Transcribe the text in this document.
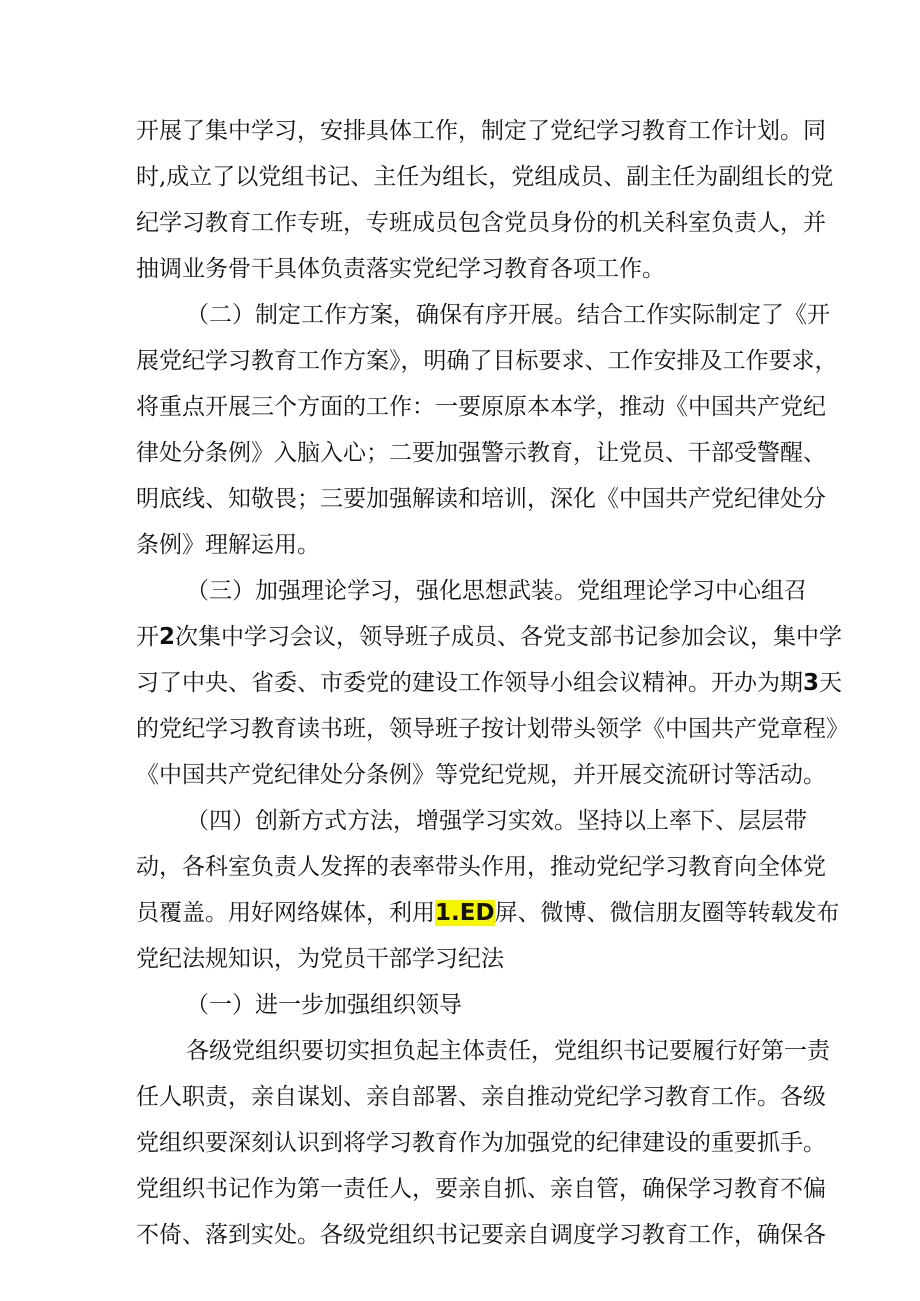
开展了集中学习，安排具体工作，制定了党纪学习教育工作计划。同
时,成立了以党组书记、主任为组长，党组成员、副主任为副组长的党
纪学习教育工作专班，专班成员包含党员身份的机关科室负责人，并
抽调业务骨干具体负责落实党纪学习教育各项工作。
（二）制定工作方案，确保有序开展。结合工作实际制定了《开
展党纪学习教育工作方案》，明确了目标要求、工作安排及工作要求，
将重点开展三个方面的工作：一要原原本本学，推动《中国共产党纪
律处分条例》入脑入心；二要加强警示教育，让党员、干部受警醒、
明底线、知敬畏；三要加强解读和培训，深化《中国共产党纪律处分
条例》理解运用。
（三）加强理论学习，强化思想武装。党组理论学习中心组召
开2次集中学习会议，领导班子成员、各党支部书记参加会议，集中学
习了中央、省委、市委党的建设工作领导小组会议精神。开办为期3天
的党纪学习教育读书班，领导班子按计划带头领学《中国共产党章程》
《中国共产党纪律处分条例》等党纪党规，并开展交流研讨等活动。
（四）创新方式方法，增强学习实效。坚持以上率下、层层带
动，各科室负责人发挥的表率带头作用，推动党纪学习教育向全体党
员覆盖。用好网络媒体，利用1.ED屏、微博、微信朋友圈等转载发布
党纪法规知识，为党员干部学习纪法
（一）进一步加强组织领导
各级党组织要切实担负起主体责任，党组织书记要履行好第一责
任人职责，亲自谋划、亲自部署、亲自推动党纪学习教育工作。各级
党组织要深刻认识到将学习教育作为加强党的纪律建设的重要抓手。
党组织书记作为第一责任人，要亲自抓、亲自管，确保学习教育不偏
不倚、落到实处。各级党组织书记要亲自调度学习教育工作，确保各
